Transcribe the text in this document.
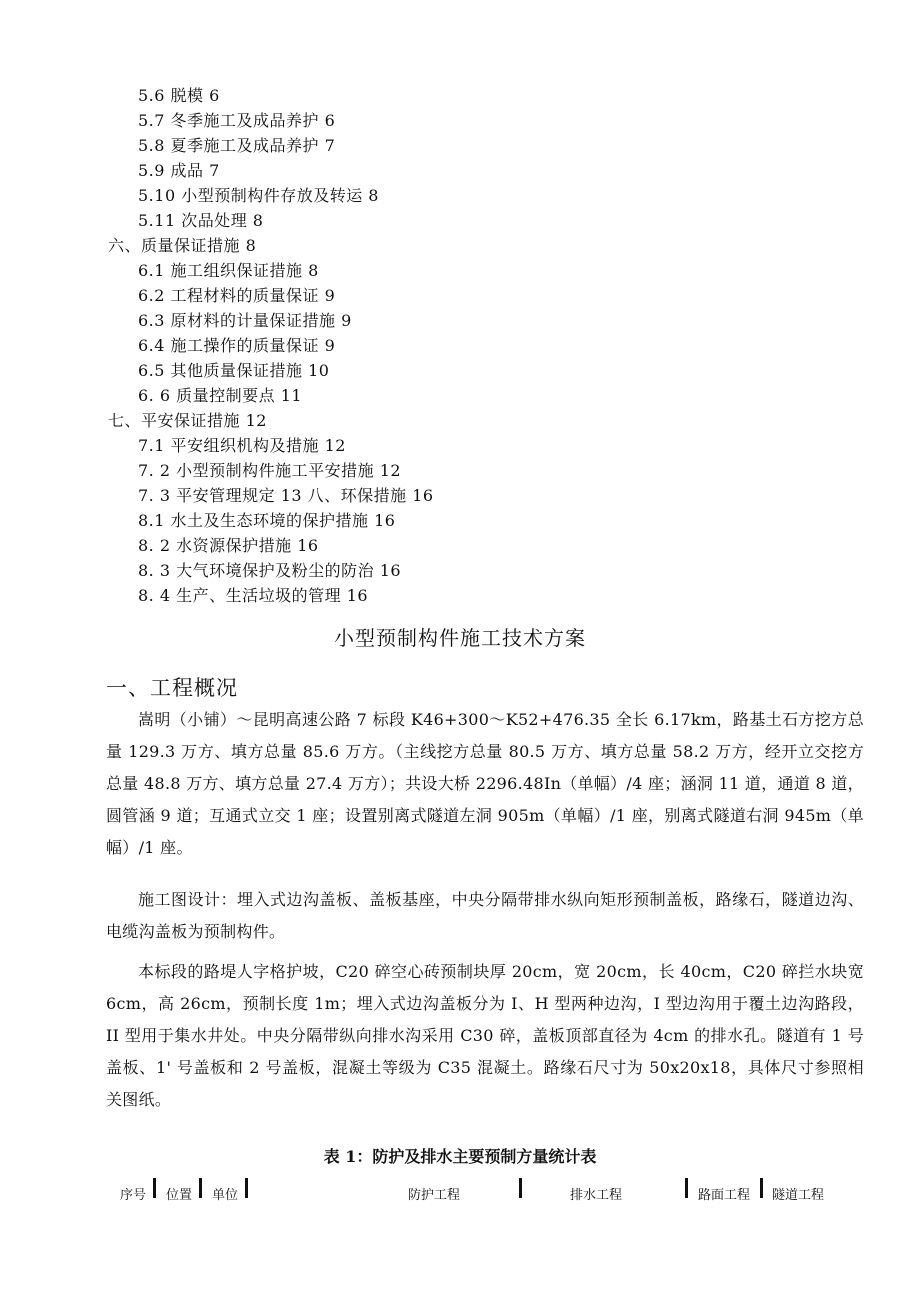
5.6 脱模 6
5.7 冬季施工及成品养护 6
5.8 夏季施工及成品养护 7
5.9 成品 7
5.10 小型预制构件存放及转运 8
5.11 次品处理 8
六、质量保证措施 8
6.1 施工组织保证措施 8
6.2 工程材料的质量保证 9
6.3 原材料的计量保证措施 9
6.4 施工操作的质量保证 9
6.5 其他质量保证措施 10
6. 6 质量控制要点 11
七、平安保证措施 12
7.1 平安组织机构及措施 12
7. 2 小型预制构件施工平安措施 12
7. 3 平安管理规定 13 八、环保措施 16
8.1 水土及生态环境的保护措施 16
8. 2 水资源保护措施 16
8. 3 大气环境保护及粉尘的防治 16
8. 4 生产、生活垃圾的管理 16
小型预制构件施工技术方案
一、工程概况
嵩明（小铺）～昆明高速公路 7 标段 K46+300～K52+476.35 全长 6.17km，路基土石方挖方总量 129.3 万方、填方总量 85.6 万方。（主线挖方总量 80.5 万方、填方总量 58.2 万方，经开立交挖方总量 48.8 万方、填方总量 27.4 万方）；共设大桥 2296.48In（单幅）/4 座；涵洞 11 道，通道 8 道，圆管涵 9 道；互通式立交 1 座；设置别离式隧道左洞 905m（单幅）/1 座，别离式隧道右洞 945m（单幅）/1 座。
施工图设计：埋入式边沟盖板、盖板基座，中央分隔带排水纵向矩形预制盖板，路缘石，隧道边沟、电缆沟盖板为预制构件。
本标段的路堤人字格护坡，C20 碎空心砖预制块厚 20cm，宽 20cm，长 40cm，C20 碎拦水块宽 6cm，高 26cm，预制长度 1m；埋入式边沟盖板分为 I、H 型两种边沟，I 型边沟用于覆土边沟路段，II 型用于集水井处。中央分隔带纵向排水沟采用 C30 碎，盖板顶部直径为 4cm 的排水孔。隧道有 1 号盖板、1' 号盖板和 2 号盖板，混凝土等级为 C35 混凝土。路缘石尺寸为 50x20x18，具体尺寸参照相关图纸。
表 1：防护及排水主要预制方量统计表
序号 位置 单位	防护工程	排水工程	路面工程 隧道工程
